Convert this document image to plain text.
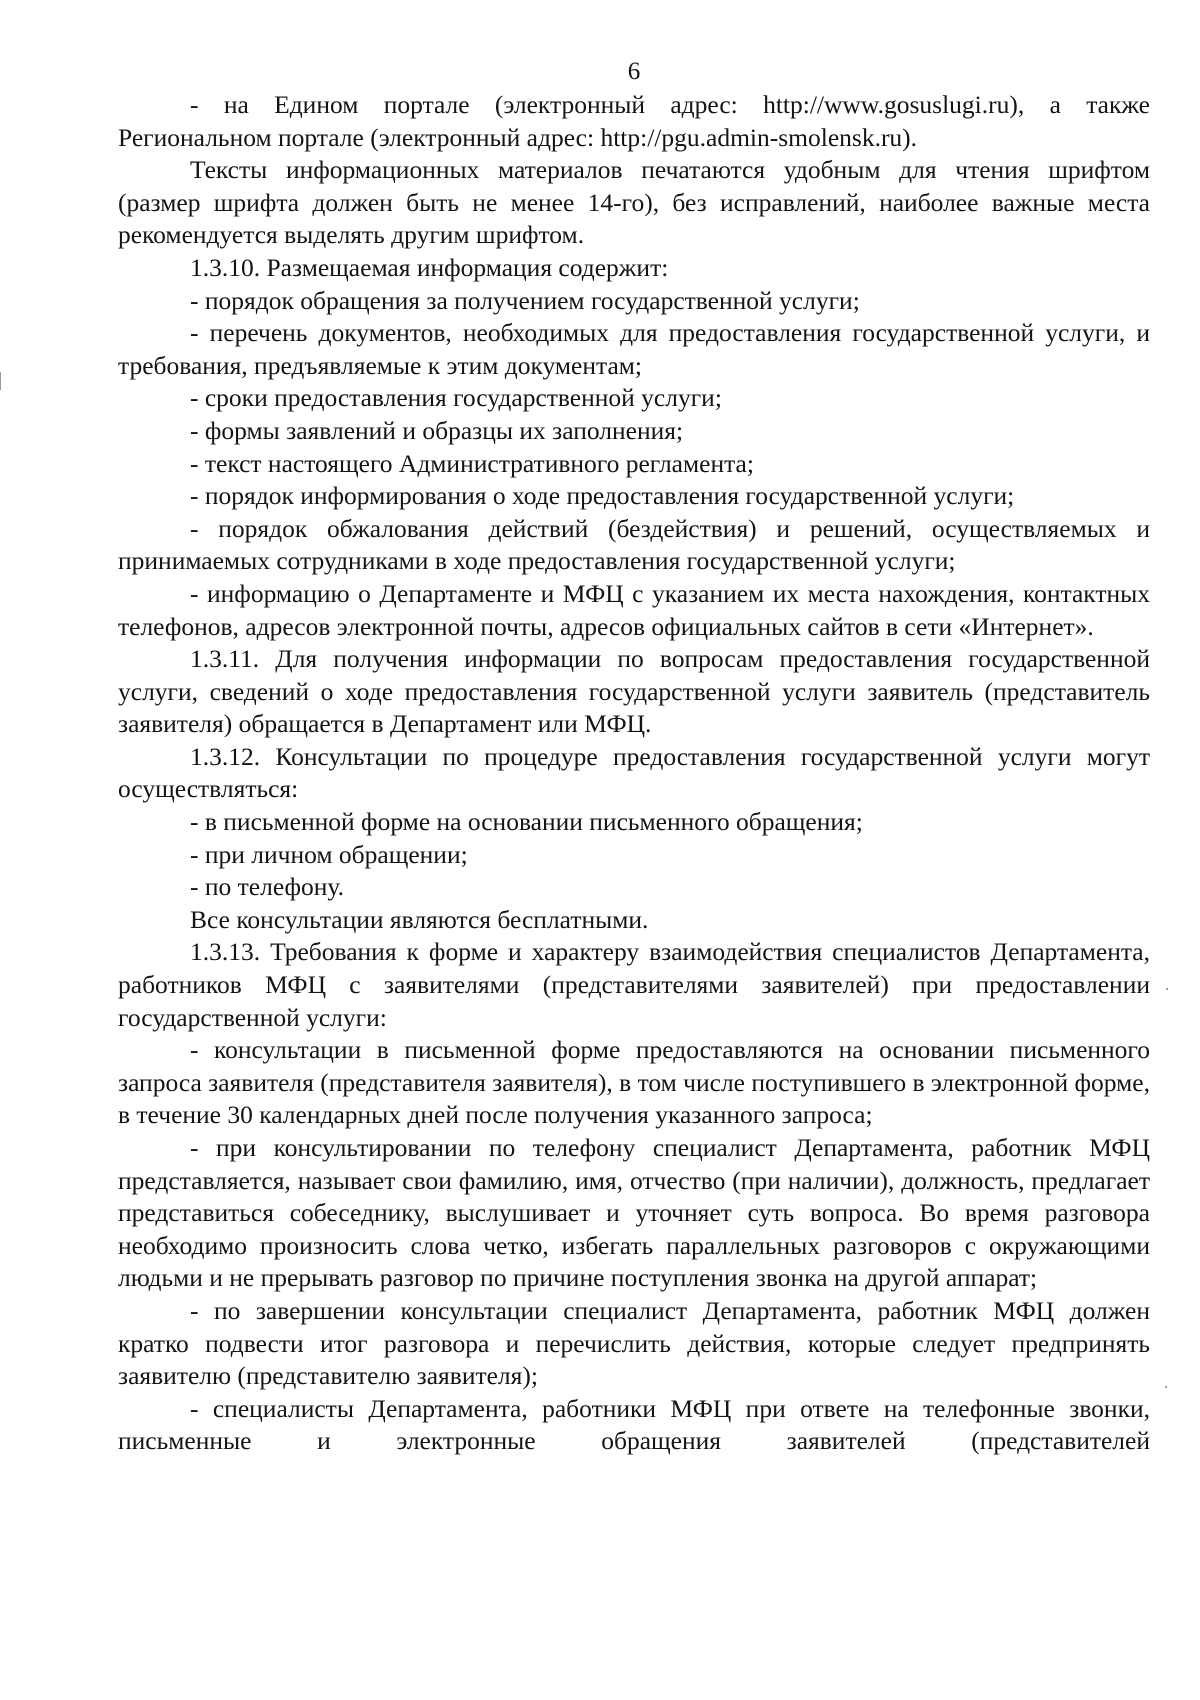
6

- на Едином портале (электронный адрес: http://www.gosuslugi.ru), а также Региональном портале (электронный адрес: http://pgu.admin-smolensk.ru).

Тексты информационных материалов печатаются удобным для чтения шрифтом (размер шрифта должен быть не менее 14-го), без исправлений, наиболее важные места рекомендуется выделять другим шрифтом.

1.3.10. Размещаемая информация содержит:

- порядок обращения за получением государственной услуги;

- перечень документов, необходимых для предоставления государственной услуги, и требования, предъявляемые к этим документам;

- сроки предоставления государственной услуги;

- формы заявлений и образцы их заполнения;

- текст настоящего Административного регламента;

- порядок информирования о ходе предоставления государственной услуги;

- порядок обжалования действий (бездействия) и решений, осуществляемых и принимаемых сотрудниками в ходе предоставления государственной услуги;

- информацию о Департаменте и МФЦ с указанием их места нахождения, контактных телефонов, адресов электронной почты, адресов официальных сайтов в сети «Интернет».

1.3.11. Для получения информации по вопросам предоставления государственной услуги, сведений о ходе предоставления государственной услуги заявитель (представитель заявителя) обращается в Департамент или МФЦ.

1.3.12. Консультации по процедуре предоставления государственной услуги могут осуществляться:

- в письменной форме на основании письменного обращения;

- при личном обращении;

- по телефону.

Все консультации являются бесплатными.

1.3.13. Требования к форме и характеру взаимодействия специалистов Департамента, работников МФЦ с заявителями (представителями заявителей) при предоставлении государственной услуги:

- консультации в письменной форме предоставляются на основании письменного запроса заявителя (представителя заявителя), в том числе поступившего в электронной форме, в течение 30 календарных дней после получения указанного запроса;

- при консультировании по телефону специалист Департамента, работник МФЦ представляется, называет свои фамилию, имя, отчество (при наличии), должность, предлагает представиться собеседнику, выслушивает и уточняет суть вопроса. Во время разговора необходимо произносить слова четко, избегать параллельных разговоров с окружающими людьми и не прерывать разговор по причине поступления звонка на другой аппарат;

- по завершении консультации специалист Департамента, работник МФЦ должен кратко подвести итог разговора и перечислить действия, которые следует предпринять заявителю (представителю заявителя);

- специалисты Департамента, работники МФЦ при ответе на телефонные звонки, письменные и электронные обращения заявителей (представителей
